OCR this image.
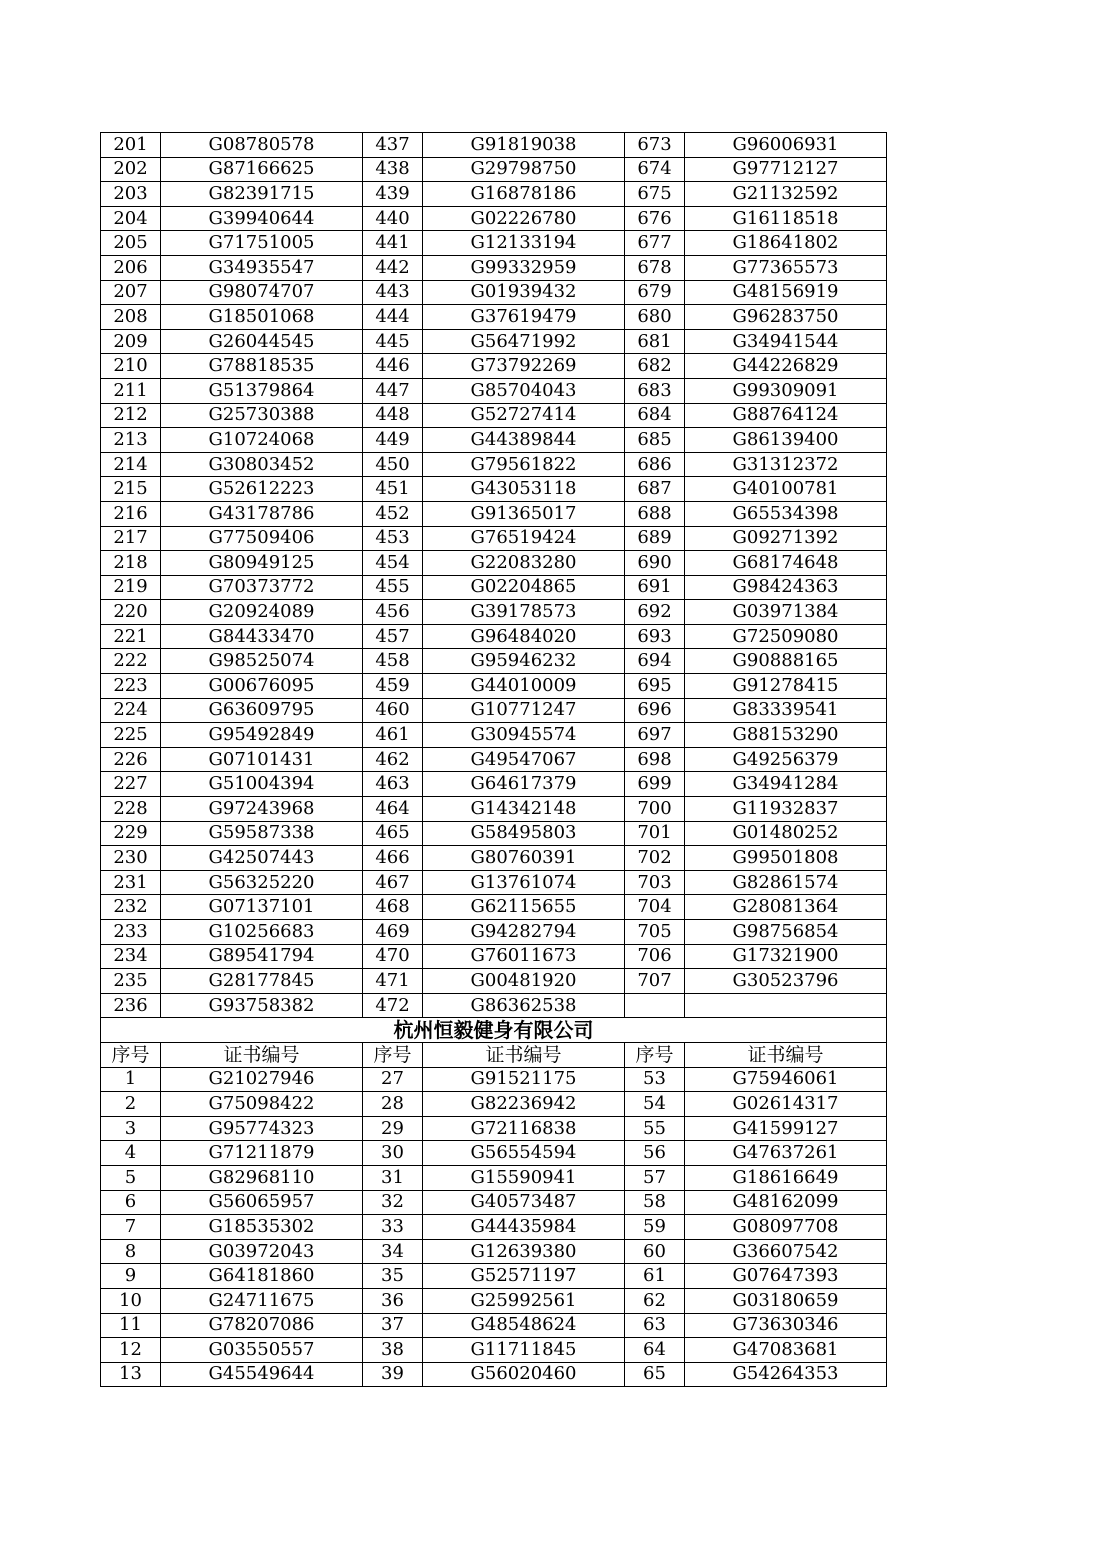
201	G08780578	437	G91819038	673	G96006931
202	G87166625	438	G29798750	674	G97712127
203	G82391715	439	G16878186	675	G21132592
204	G39940644	440	G02226780	676	G16118518
205	G71751005	441	G12133194	677	G18641802
206	G34935547	442	G99332959	678	G77365573
207	G98074707	443	G01939432	679	G48156919
208	G18501068	444	G37619479	680	G96283750
209	G26044545	445	G56471992	681	G34941544
210	G78818535	446	G73792269	682	G44226829
211	G51379864	447	G85704043	683	G99309091
212	G25730388	448	G52727414	684	G88764124
213	G10724068	449	G44389844	685	G86139400
214	G30803452	450	G79561822	686	G31312372
215	G52612223	451	G43053118	687	G40100781
216	G43178786	452	G91365017	688	G65534398
217	G77509406	453	G76519424	689	G09271392
218	G80949125	454	G22083280	690	G68174648
219	G70373772	455	G02204865	691	G98424363
220	G20924089	456	G39178573	692	G03971384
221	G84433470	457	G96484020	693	G72509080
222	G98525074	458	G95946232	694	G90888165
223	G00676095	459	G44010009	695	G91278415
224	G63609795	460	G10771247	696	G83339541
225	G95492849	461	G30945574	697	G88153290
226	G07101431	462	G49547067	698	G49256379
227	G51004394	463	G64617379	699	G34941284
228	G97243968	464	G14342148	700	G11932837
229	G59587338	465	G58495803	701	G01480252
230	G42507443	466	G80760391	702	G99501808
231	G56325220	467	G13761074	703	G82861574
232	G07137101	468	G62115655	704	G28081364
233	G10256683	469	G94282794	705	G98756854
234	G89541794	470	G76011673	706	G17321900
235	G28177845	471	G00481920	707	G30523796
236	G93758382	472	G86362538		
杭州恒毅健身有限公司					
序号	证书编号	序号	证书编号	序号	证书编号
1	G21027946	27	G91521175	53	G75946061
2	G75098422	28	G82236942	54	G02614317
3	G95774323	29	G72116838	55	G41599127
4	G71211879	30	G56554594	56	G47637261
5	G82968110	31	G15590941	57	G18616649
6	G56065957	32	G40573487	58	G48162099
7	G18535302	33	G44435984	59	G08097708
8	G03972043	34	G12639380	60	G36607542
9	G64181860	35	G52571197	61	G07647393
10	G24711675	36	G25992561	62	G03180659
11	G78207086	37	G48548624	63	G73630346
12	G03550557	38	G11711845	64	G47083681
13	G45549644	39	G56020460	65	G54264353
